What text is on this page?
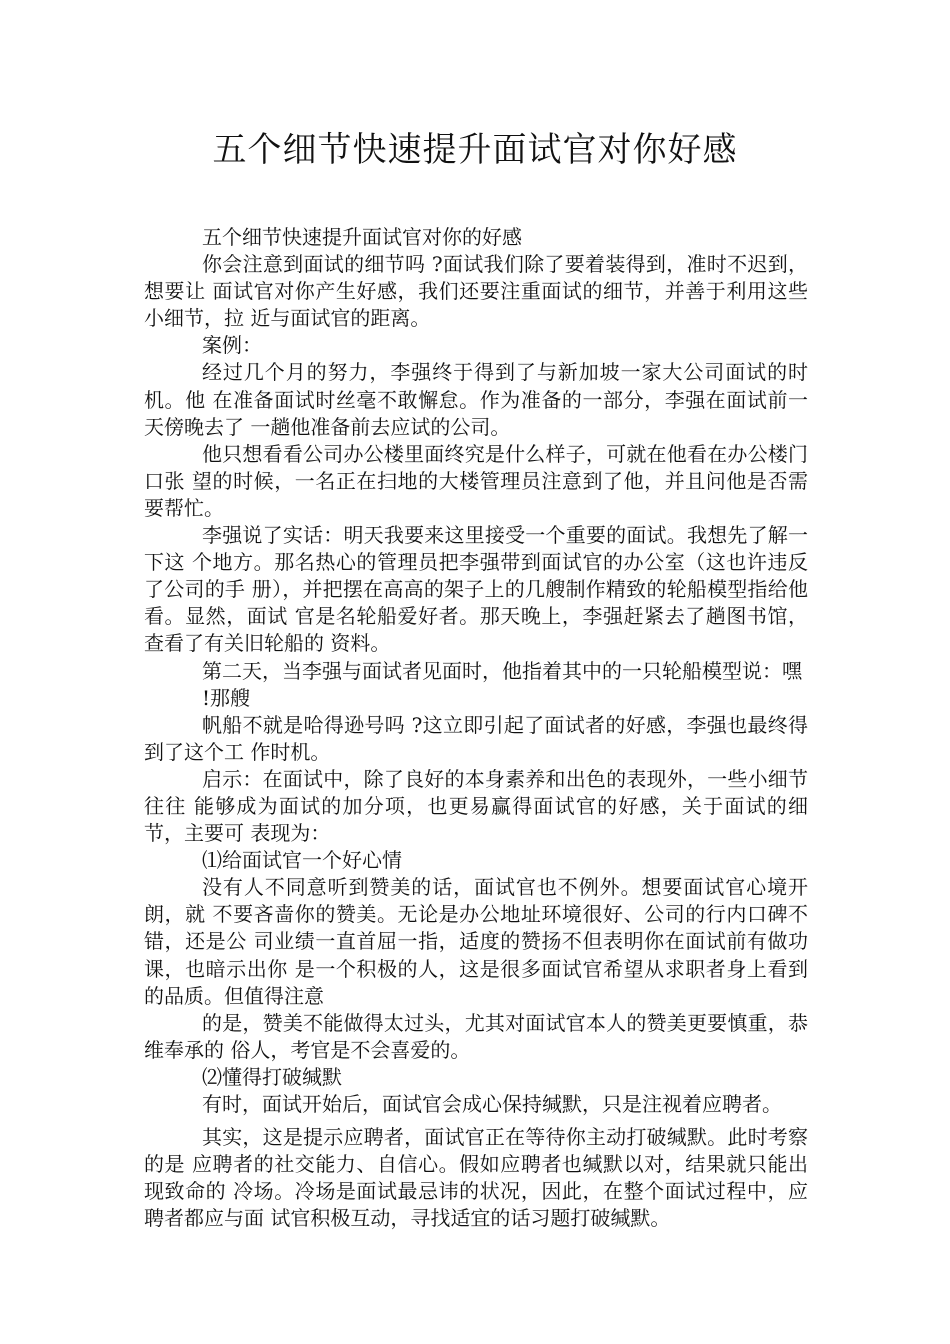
五个细节快速提升面试官对你好感

五个细节快速提升面试官对你的好感

你会注意到面试的细节吗 ?面试我们除了要着装得到，准时不迟到，想要让 面试官对你产生好感，我们还要注重面试的细节，并善于利用这些小细节，拉 近与面试官的距离。

案例：

经过几个月的努力，李强终于得到了与新加坡一家大公司面试的时机。他 在准备面试时丝毫不敢懈怠。作为准备的一部分，李强在面试前一天傍晚去了 一趟他准备前去应试的公司。

他只想看看公司办公楼里面终究是什么样子，可就在他看在办公楼门口张 望的时候，一名正在扫地的大楼管理员注意到了他，并且问他是否需要帮忙。

李强说了实话：明天我要来这里接受一个重要的面试。我想先了解一下这 个地方。那名热心的管理员把李强带到面试官的办公室（这也许违反了公司的手 册），并把摆在高高的架子上的几艘制作精致的轮船模型指给他看。显然，面试 官是名轮船爱好者。那天晚上，李强赶紧去了趟图书馆，查看了有关旧轮船的 资料。

第二天，当李强与面试者见面时，他指着其中的一只轮船模型说：嘿

!那艘

帆船不就是哈得逊号吗 ?这立即引起了面试者的好感，李强也最终得到了这个工 作时机。

启示：在面试中，除了良好的本身素养和出色的表现外，一些小细节往往 能够成为面试的加分项，也更易赢得面试官的好感，关于面试的细节，主要可 表现为：

⑴给面试官一个好心情

没有人不同意听到赞美的话，面试官也不例外。想要面试官心境开朗，就 不要吝啬你的赞美。无论是办公地址环境很好、公司的行内口碑不错，还是公 司业绩一直首屈一指，适度的赞扬不但表明你在面试前有做功课，也暗示出你 是一个积极的人，这是很多面试官希望从求职者身上看到的品质。但值得注意

的是，赞美不能做得太过头，尤其对面试官本人的赞美更要慎重，恭维奉承的 俗人，考官是不会喜爱的。

⑵懂得打破缄默

有时，面试开始后，面试官会成心保持缄默，只是注视着应聘者。

其实，这是提示应聘者，面试官正在等待你主动打破缄默。此时考察的是 应聘者的社交能力、自信心。假如应聘者也缄默以对，结果就只能出现致命的 冷场。冷场是面试最忌讳的状况，因此，在整个面试过程中，应聘者都应与面 试官积极互动，寻找适宜的话习题打破缄默。
